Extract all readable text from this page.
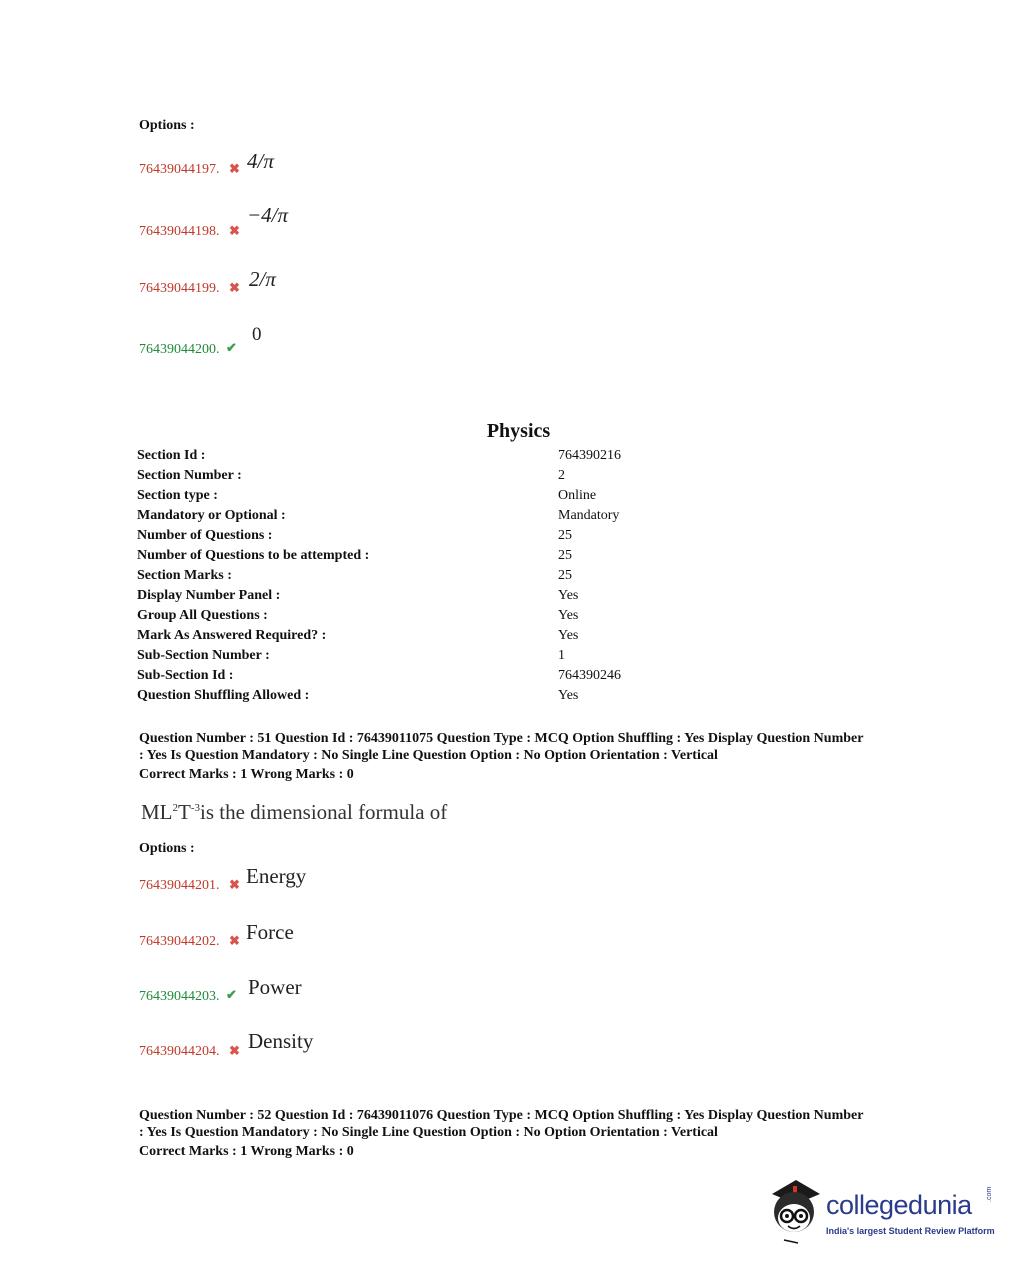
Options :
76439044197. ✖ 4/π
76439044198. ✖
−4/π
76439044199. ✖ 2/π
76439044200. ✔
0
Physics
Section Id :	764390216
Section Number :	2
Section type :	Online
Mandatory or Optional :	Mandatory
Number of Questions :	25
Number of Questions to be attempted :	25
Section Marks :	25
Display Number Panel :	Yes
Group All Questions :	Yes
Mark As Answered Required? :	Yes
Sub-Section Number :	1
Sub-Section Id :	764390246
Question Shuffling Allowed :	Yes
Question Number : 51 Question Id : 76439011075 Question Type : MCQ Option Shuffling : Yes Display Question Number
: Yes Is Question Mandatory : No Single Line Question Option : No Option Orientation : Vertical
Correct Marks : 1 Wrong Marks : 0
$ML^2T^{-3}is$ the dimensional formula of
Options :
76439044201. ✖ Energy
76439044202. ✖ Force
76439044203. ✔ Power
76439044204. ✖ Density
Question Number : 52 Question Id : 76439011076 Question Type : MCQ Option Shuffling : Yes Display Question Number
: Yes Is Question Mandatory : No Single Line Question Option : No Option Orientation : Vertical
Correct Marks : 1 Wrong Marks : 0
collegedunia .com
India's largest Student Review Platform
